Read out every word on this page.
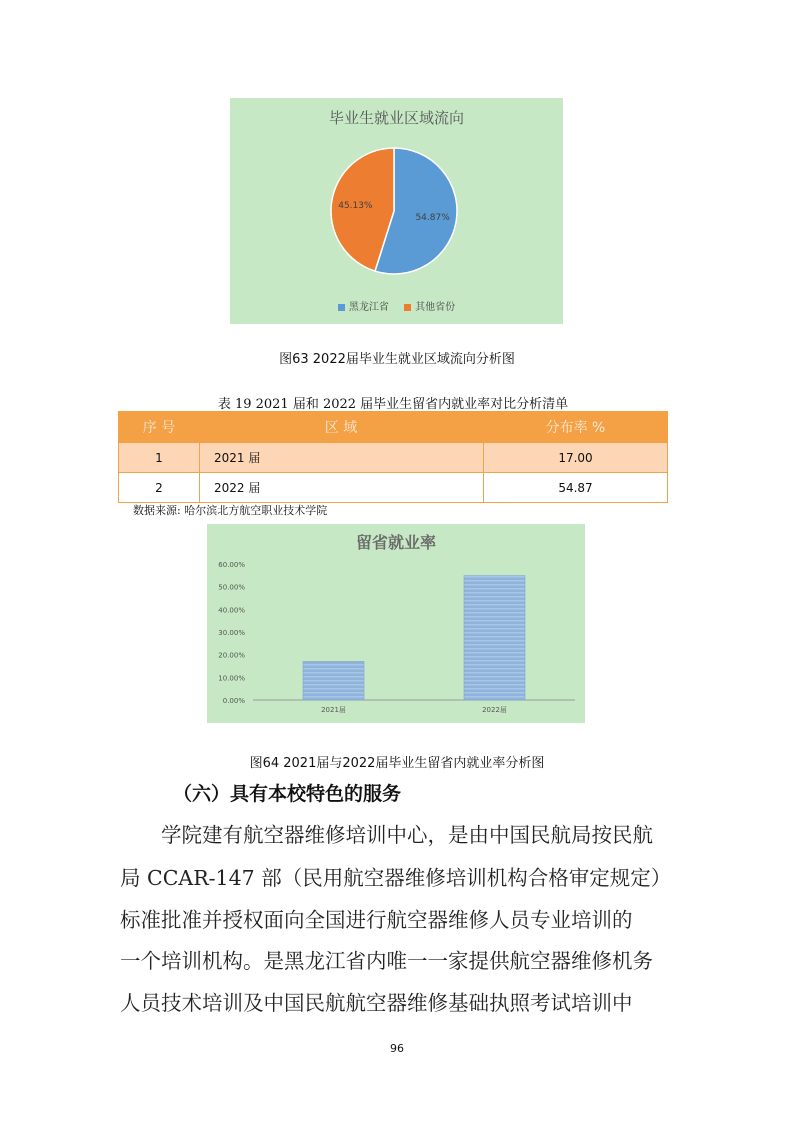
毕业生就业区域流向
54.87%
45.13%
黑龙江省	其他省份
图63 2022届毕业生就业区域流向分析图
表 19 2021 届和 2022 届毕业生留省内就业率对比分析清单
序 号	区 域	分布率 %
1	2021 届	17.00
2	2022 届	54.87
数据来源: 哈尔滨北方航空职业技术学院
留省就业率
0.00%
10.00%
20.00%
30.00%
40.00%
50.00%
60.00%
2021届	2022届
图64 2021届与2022届毕业生留省内就业率分析图
（六）具有本校特色的服务
学院建有航空器维修培训中心，是由中国民航局按民航
局 CCAR-147 部（民用航空器维修培训机构合格审定规定）
标准批准并授权面向全国进行航空器维修人员专业培训的
一个培训机构。是黑龙江省内唯一一家提供航空器维修机务
人员技术培训及中国民航航空器维修基础执照考试培训中
96
